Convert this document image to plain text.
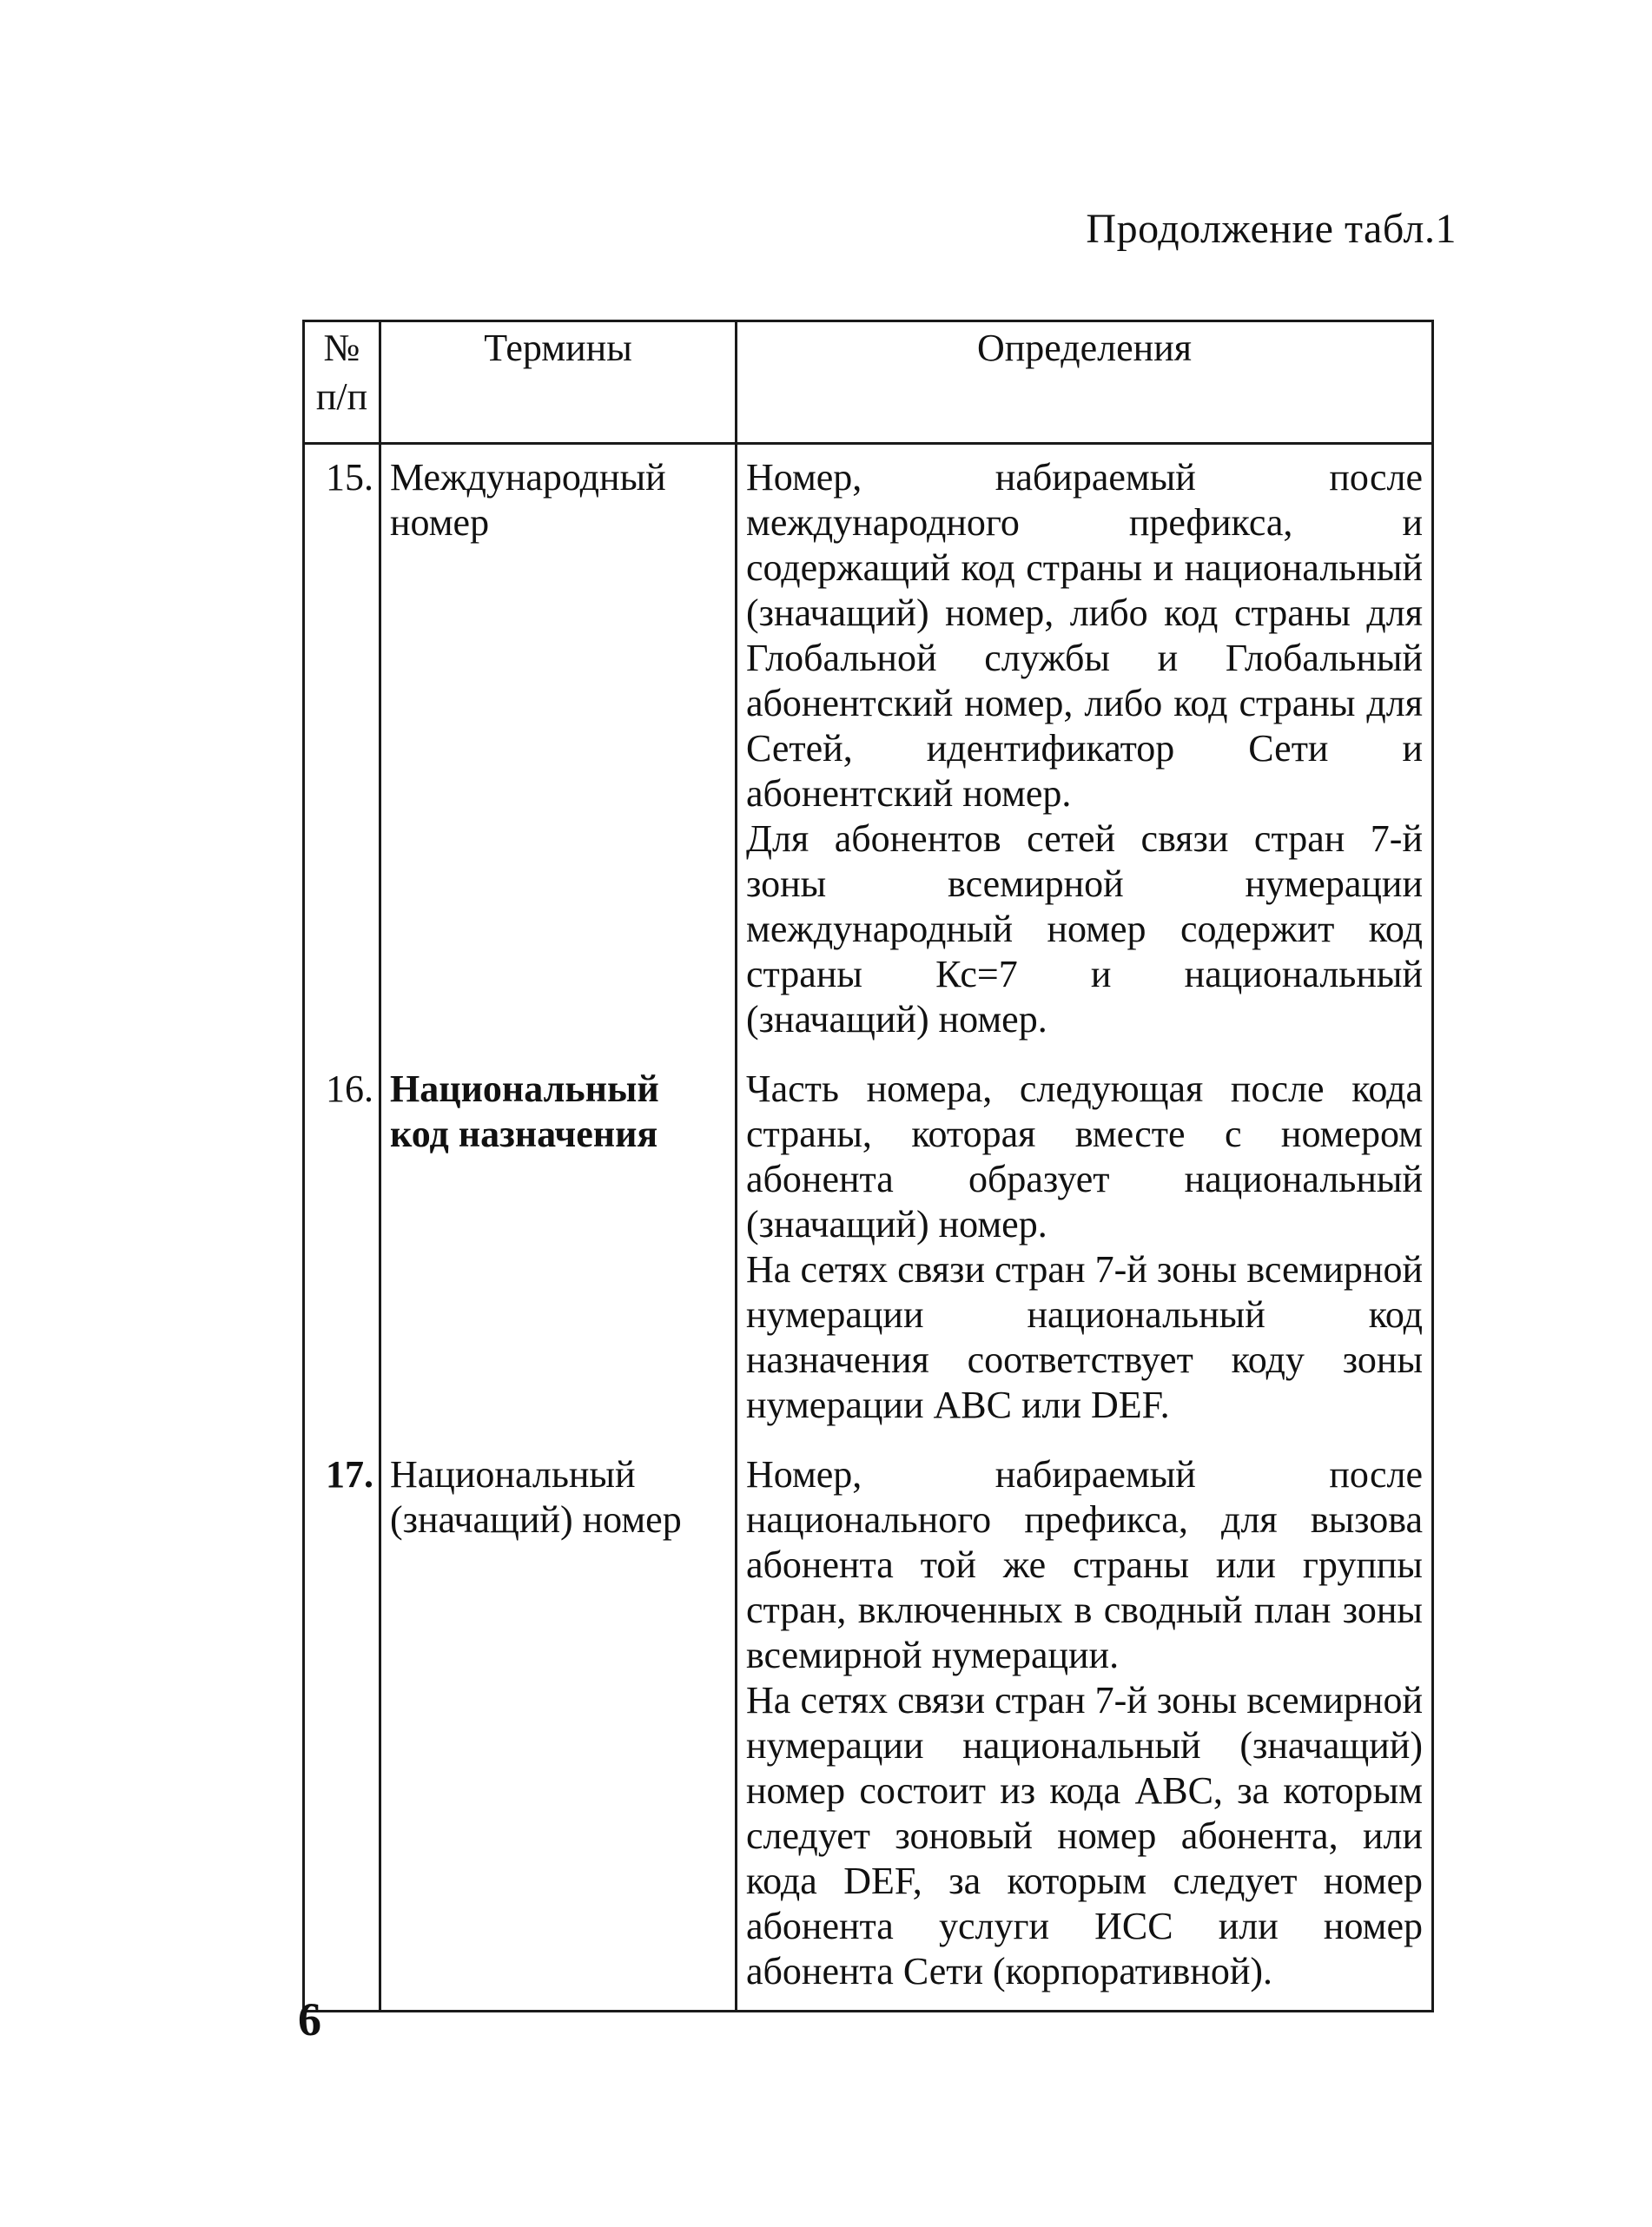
Продолжение табл.1
№ п/п	Термины	Определения
15.	Международный номер	Номер, набираемый после международного префикса, и содержащий код страны и национальный (значащий) номер, либо код страны для Глобальной службы и Глобальный абонентский номер, либо код страны для Сетей, идентификатор Сети и абонентский номер.

Для абонентов сетей связи стран 7-й зоны всемирной нумерации международный номер содержит код страны Кс=7 и национальный (значащий) номер.

16.	Национальный код назначения	Часть номера, следующая после кода страны, которая вместе с номером абонента образует национальный (значащий) номер.

На сетях связи стран 7-й зоны всемирной нумерации национальный код назначения соответствует коду зоны нумерации ABC или DEF.

17.	Национальный (значащий) номер	Номер, набираемый после национального префикса, для вызова абонента той же страны или группы стран, включенных в сводный план зоны всемирной нумерации.

На сетях связи стран 7-й зоны всемирной нумерации национальный (значащий) номер состоит из кода ABC, за которым следует зоновый номер абонента, или кода DEF, за которым следует номер абонента услуги ИСС или номер абонента Сети (корпоративной).

6
